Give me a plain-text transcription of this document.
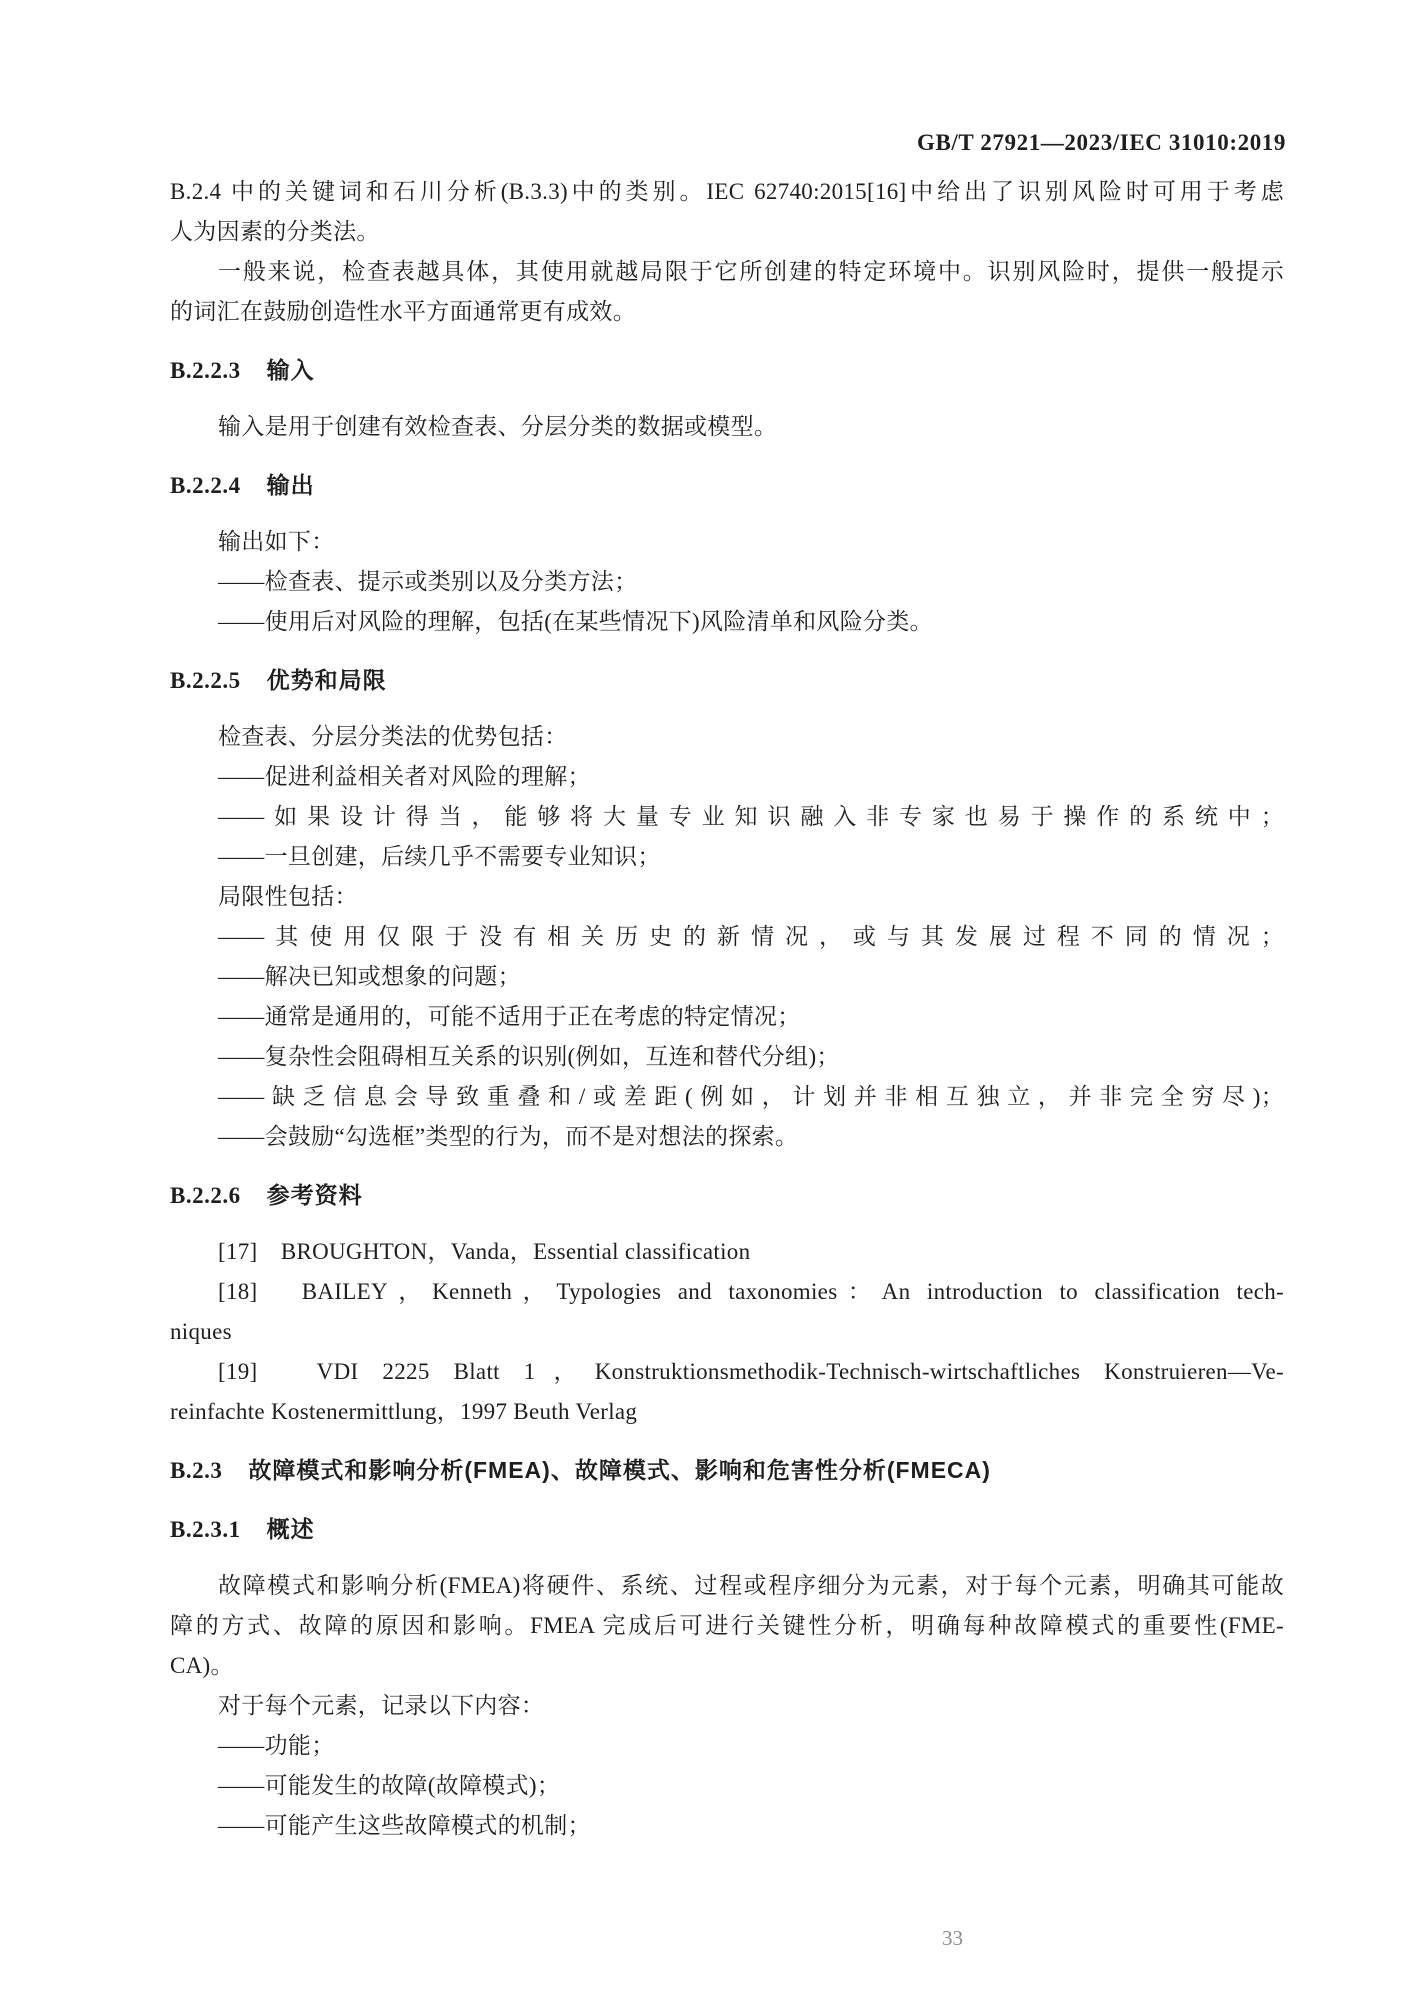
GB/T 27921—2023/IEC 31010:2019
B.2.4 中的关键词和石川分析(B.3.3)中的类别。IEC 62740:2015[16]中给出了识别风险时可用于考虑
人为因素的分类法。
一般来说，检查表越具体，其使用就越局限于它所创建的特定环境中。识别风险时，提供一般提示
的词汇在鼓励创造性水平方面通常更有成效。
B.2.2.3 输入
输入是用于创建有效检查表、分层分类的数据或模型。
B.2.2.4 输出
输出如下：
——检查表、提示或类别以及分类方法；
——使用后对风险的理解，包括(在某些情况下)风险清单和风险分类。
B.2.2.5 优势和局限
检查表、分层分类法的优势包括：
——促进利益相关者对风险的理解；
——如果设计得当，能够将大量专业知识融入非专家也易于操作的系统中；
——一旦创建，后续几乎不需要专业知识；
局限性包括：
——其使用仅限于没有相关历史的新情况，或与其发展过程不同的情况；
——解决已知或想象的问题；
——通常是通用的，可能不适用于正在考虑的特定情况；
——复杂性会阻碍相互关系的识别(例如，互连和替代分组)；
——缺乏信息会导致重叠和/或差距(例如，计划并非相互独立，并非完全穷尽)；
——会鼓励“勾选框”类型的行为，而不是对想法的探索。
B.2.2.6 参考资料
[17]　BROUGHTON，Vanda，Essential classification
[18]　BAILEY，Kenneth，Typologies and taxonomies：An introduction to classification tech-
niques
[19]　VDI 2225 Blatt 1，Konstruktionsmethodik-Technisch-wirtschaftliches Konstruieren—Ve-
reinfachte Kostenermittlung，1997 Beuth Verlag
B.2.3 故障模式和影响分析(FMEA)、故障模式、影响和危害性分析(FMECA)
B.2.3.1 概述
故障模式和影响分析(FMEA)将硬件、系统、过程或程序细分为元素，对于每个元素，明确其可能故
障的方式、故障的原因和影响。FMEA 完成后可进行关键性分析，明确每种故障模式的重要性(FME-
CA)。
对于每个元素，记录以下内容：
——功能；
——可能发生的故障(故障模式)；
——可能产生这些故障模式的机制；
33
